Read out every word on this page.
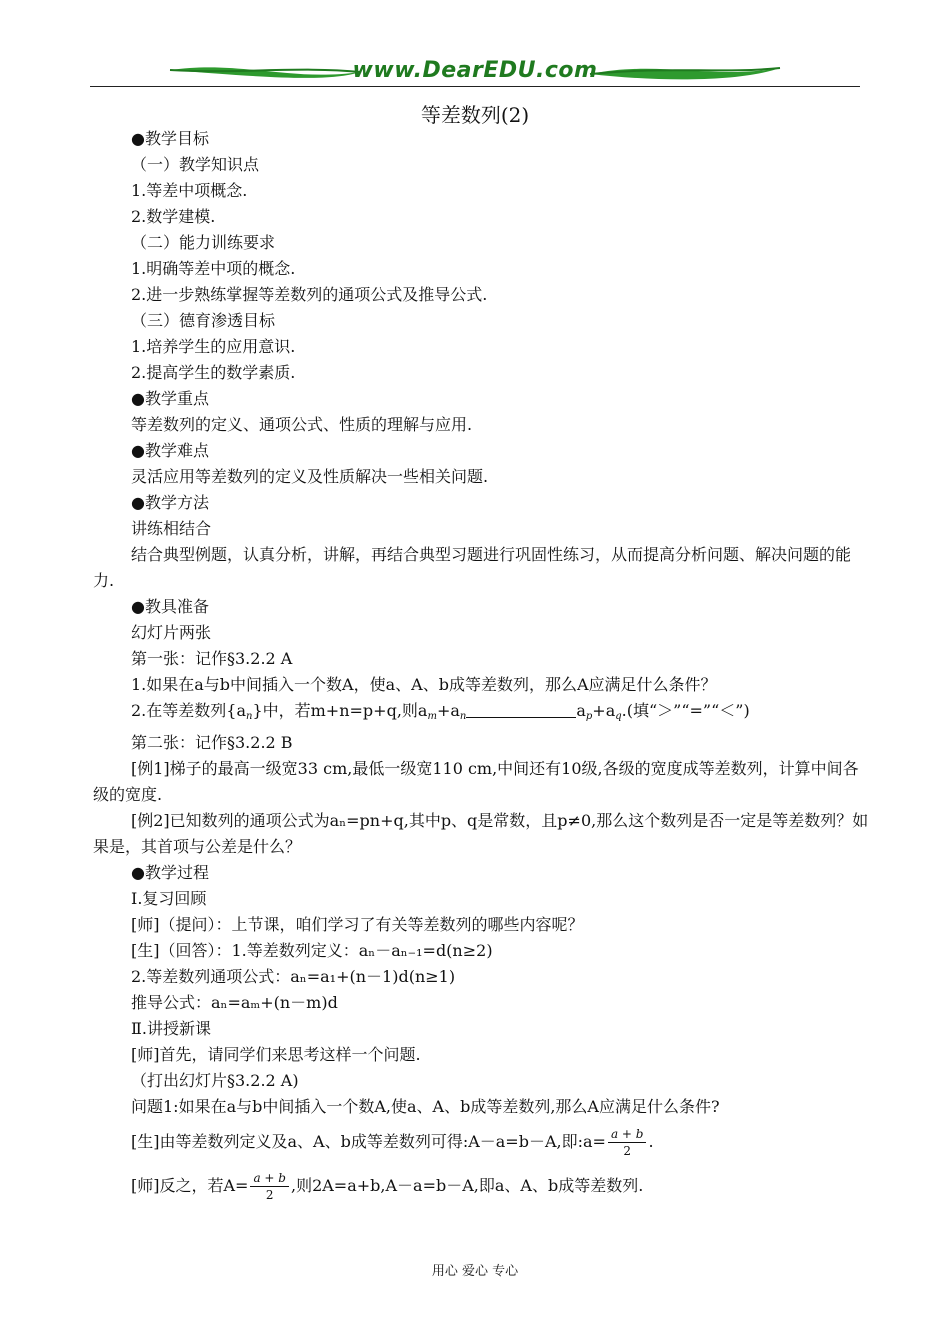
www.DearEDU.com
等差数列(2)
●教学目标
（一）教学知识点
1.等差中项概念.
2.数学建模.
（二）能力训练要求
1.明确等差中项的概念.
2.进一步熟练掌握等差数列的通项公式及推导公式.
（三）德育渗透目标
1.培养学生的应用意识.
2.提高学生的数学素质.
●教学重点
等差数列的定义、通项公式、性质的理解与应用.
●教学难点
灵活应用等差数列的定义及性质解决一些相关问题.
●教学方法
讲练相结合
结合典型例题，认真分析，讲解，再结合典型习题进行巩固性练习，从而提高分析问题、解决问题的能力.
●教具准备
幻灯片两张
第一张：记作§3.2.2 A
1.如果在a与b中间插入一个数A，使a、A、b成等差数列，那么A应满足什么条件？
2.在等差数列$\{a_n\}$中，若m+n=p+q,则$a_m+a_n$	$a_p+a_q$.(填“＞”“=”“＜”)
第二张：记作§3.2.2 B
[例1]梯子的最高一级宽33 cm,最低一级宽110 cm,中间还有10级,各级的宽度成等差数列，计算中间各级的宽度.
[例2]已知数列的通项公式为aₙ=pn+q,其中p、q是常数，且p≠0,那么这个数列是否一定是等差数列？如果是，其首项与公差是什么？
●教学过程
Ⅰ.复习回顾
[师]（提问）：上节课，咱们学习了有关等差数列的哪些内容呢？
[生]（回答）：1.等差数列定义：aₙ－aₙ₋₁=d(n≥2)
2.等差数列通项公式：aₙ=a₁+(n－1)d(n≥1)
推导公式：aₙ=aₘ+(n－m)d
Ⅱ.讲授新课
[师]首先，请同学们来思考这样一个问题.
（打出幻灯片§3.2.2 A)
问题1:如果在a与b中间插入一个数A,使a、A、b成等差数列,那么A应满足什么条件?
[生]由等差数列定义及a、A、b成等差数列可得:A－a=b－A,即:a= $\frac{a + b}{2}$ .
[师]反之，若$A= \frac{a + b}{2}$ ,则2A=a+b,A－a=b－A,即a、A、b成等差数列.
用心 爱心 专心
